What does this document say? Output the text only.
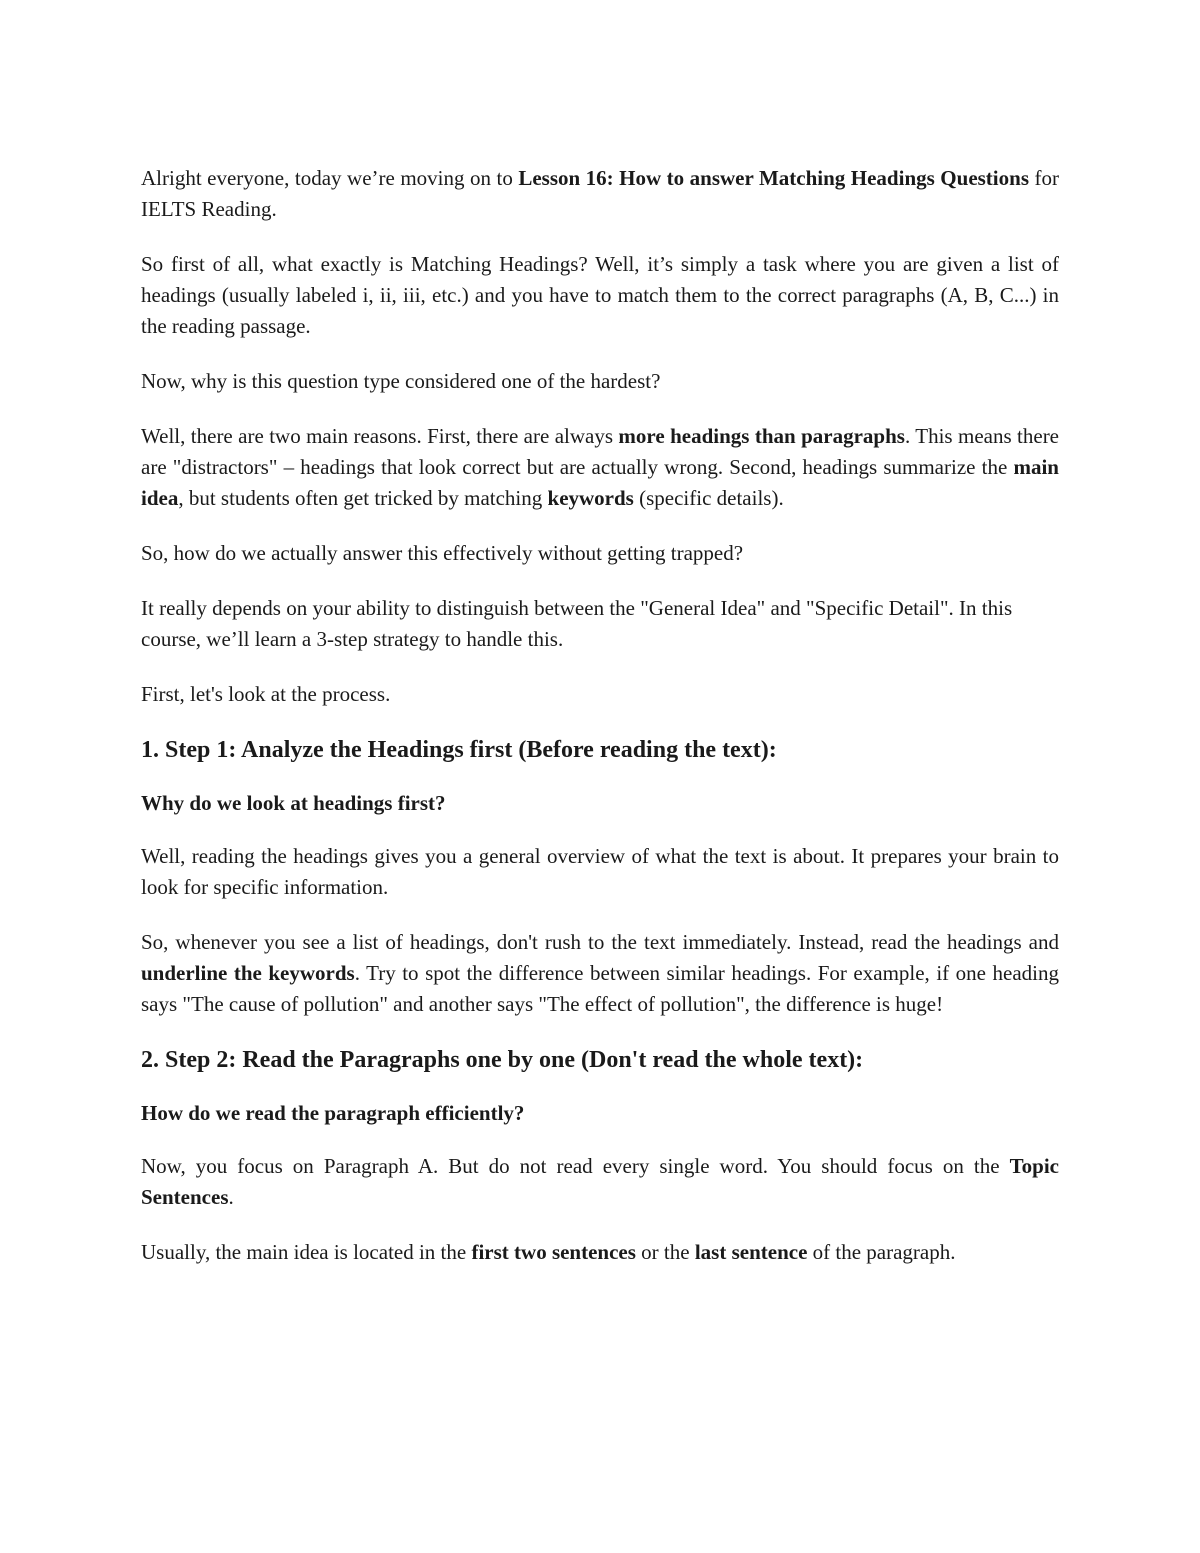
Alright everyone, today we’re moving on to Lesson 16: How to answer Matching Headings Questions for IELTS Reading.

So first of all, what exactly is Matching Headings? Well, it’s simply a task where you are given a list of headings (usually labeled i, ii, iii, etc.) and you have to match them to the correct paragraphs (A, B, C...) in the reading passage.

Now, why is this question type considered one of the hardest?

Well, there are two main reasons. First, there are always more headings than paragraphs. This means there are "distractors" – headings that look correct but are actually wrong. Second, headings summarize the main idea, but students often get tricked by matching keywords (specific details).

So, how do we actually answer this effectively without getting trapped?

It really depends on your ability to distinguish between the "General Idea" and "Specific Detail". In this course, we’ll learn a 3-step strategy to handle this.

First, let's look at the process.

1. Step 1: Analyze the Headings first (Before reading the text):
Why do we look at headings first?

Well, reading the headings gives you a general overview of what the text is about. It prepares your brain to look for specific information.

So, whenever you see a list of headings, don't rush to the text immediately. Instead, read the headings and underline the keywords. Try to spot the difference between similar headings. For example, if one heading says "The cause of pollution" and another says "The effect of pollution", the difference is huge!

2. Step 2: Read the Paragraphs one by one (Don't read the whole text):
How do we read the paragraph efficiently?

Now, you focus on Paragraph A. But do not read every single word. You should focus on the Topic Sentences.

Usually, the main idea is located in the first two sentences or the last sentence of the paragraph.
